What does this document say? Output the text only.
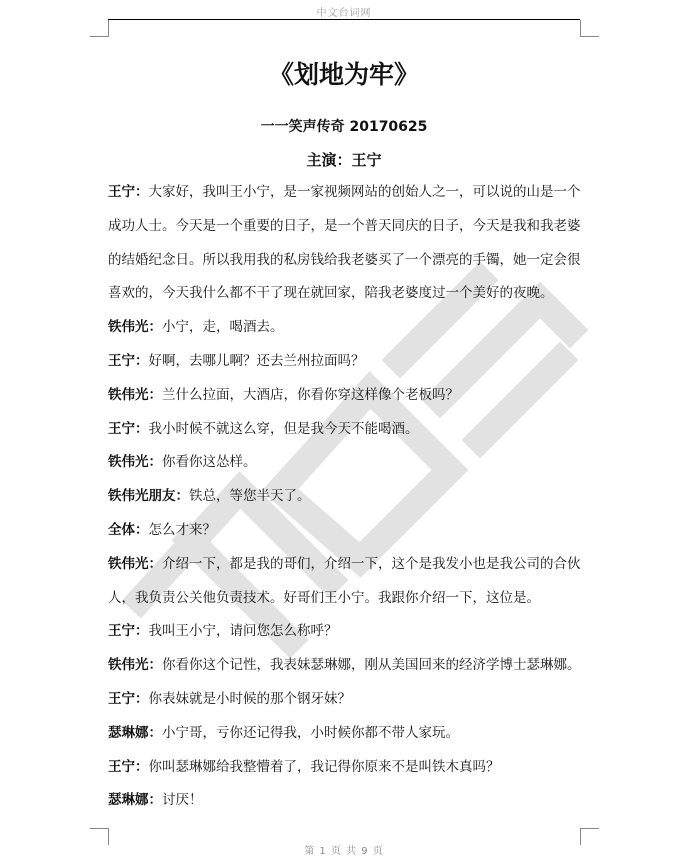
中文台词网
《划地为牢》
一一笑声传奇 20170625
主演：王宁

王宁：大家好，我叫王小宁，是一家视频网站的创始人之一，可以说的山是一个成功人士。今天是一个重要的日子，是一个普天同庆的日子，今天是我和我老婆的结婚纪念日。所以我用我的私房钱给我老婆买了一个漂亮的手镯，她一定会很喜欢的，今天我什么都不干了现在就回家，陪我老婆度过一个美好的夜晚。

铁伟光：小宁，走，喝酒去。

王宁：好啊，去哪儿啊？还去兰州拉面吗？

铁伟光：兰什么拉面，大酒店，你看你穿这样像个老板吗？

王宁：我小时候不就这么穿，但是我今天不能喝酒。

铁伟光：你看你这怂样。

铁伟光朋友：铁总，等您半天了。

全体：怎么才来？

铁伟光：介绍一下，都是我的哥们，介绍一下，这个是我发小也是我公司的合伙人，我负责公关他负责技术。好哥们王小宁。我跟你介绍一下，这位是。

王宁：我叫王小宁，请问您怎么称呼？

铁伟光：你看你这个记性，我表妹瑟琳娜，刚从美国回来的经济学博士瑟琳娜。

王宁：你表妹就是小时候的那个钢牙妹？

瑟琳娜：小宁哥，亏你还记得我，小时候你都不带人家玩。

王宁：你叫瑟琳娜给我整懵着了，我记得你原来不是叫铁木真吗？

瑟琳娜：讨厌！

第 1 页 共 9 页
